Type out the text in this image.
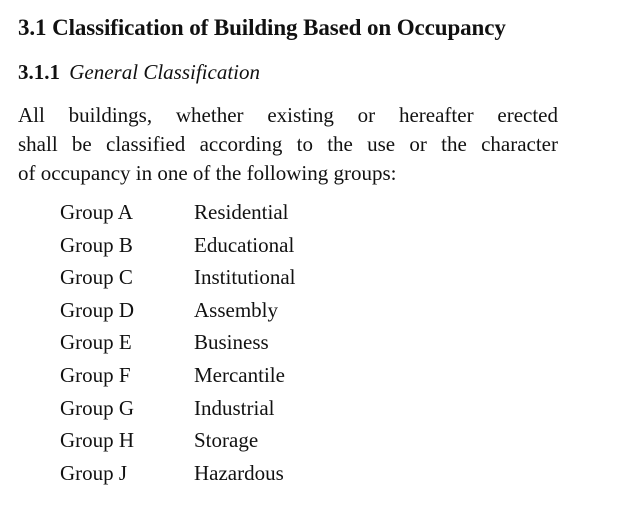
3.1 Classification of Building Based on Occupancy
3.1.1 General Classification

All buildings, whether existing or hereafter erected
shall be classified according to the use or the character
of occupancy in one of the following groups:

Group A	Residential
Group B	Educational
Group C	Institutional
Group D	Assembly
Group E	Business
Group F	Mercantile
Group G	Industrial
Group H	Storage
Group J	Hazardous
